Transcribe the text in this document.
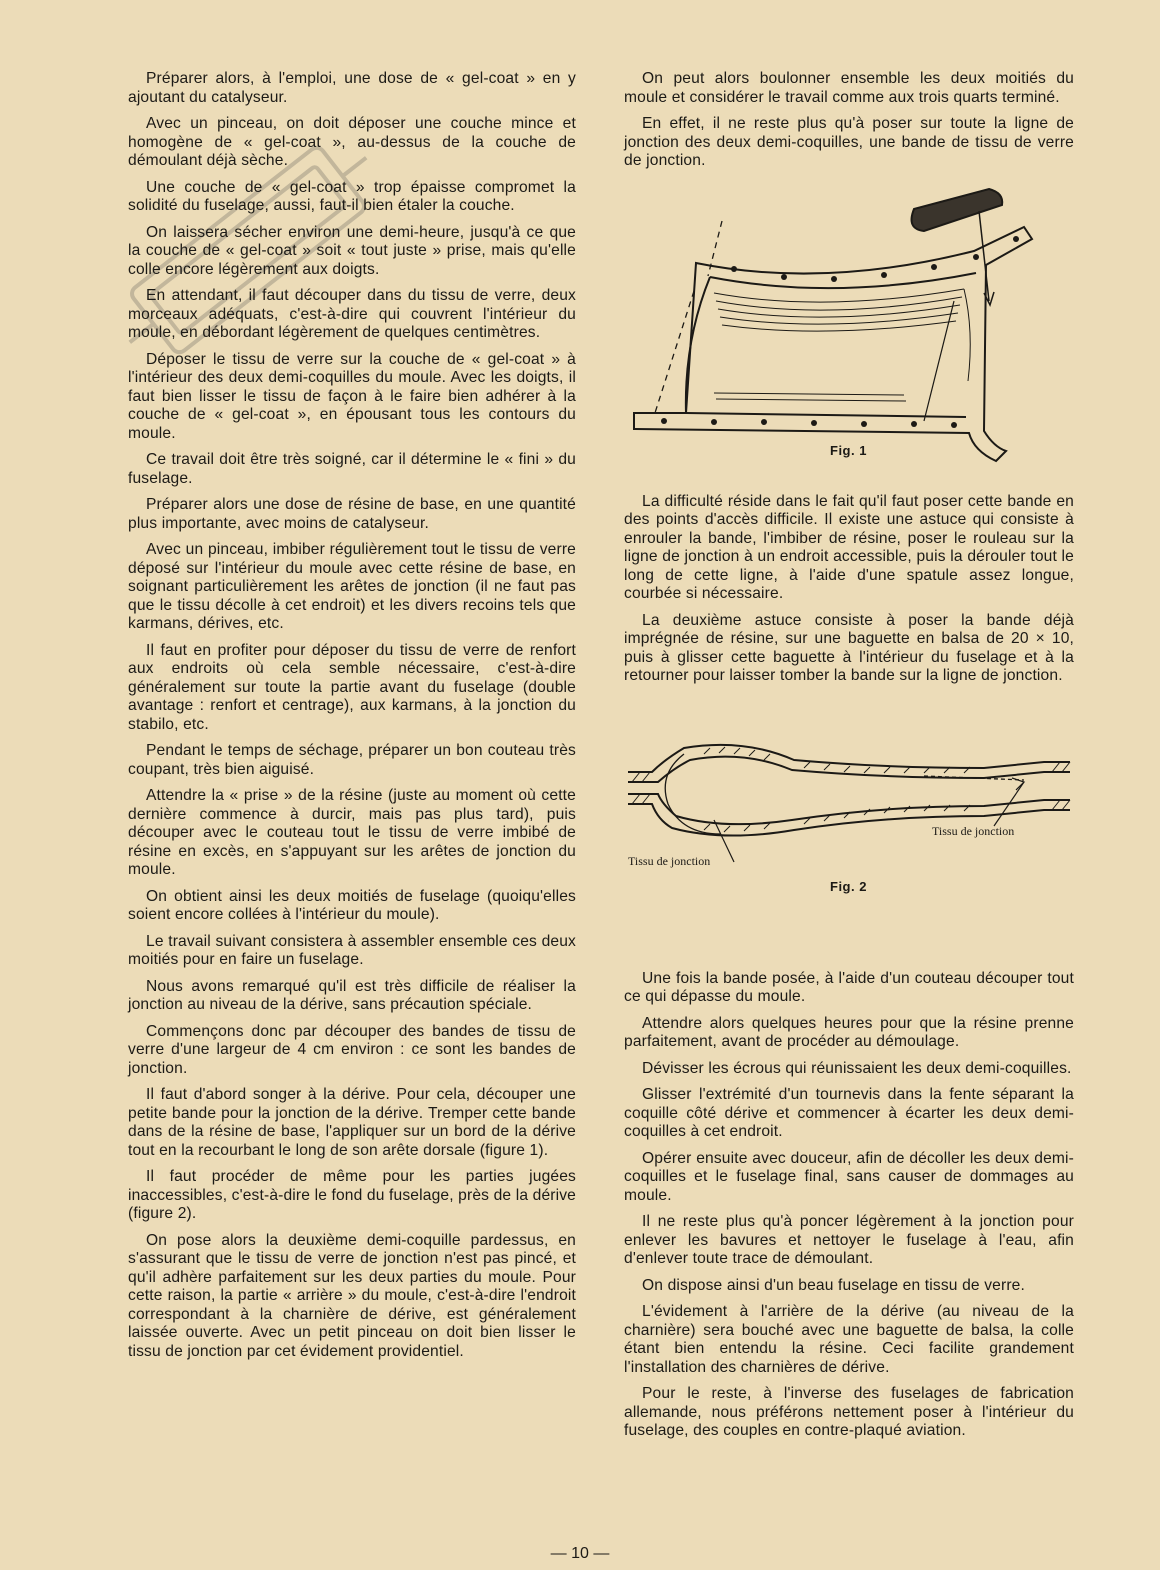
Préparer alors, à l'emploi, une dose de « gel-coat » en y ajoutant du catalyseur.

Avec un pinceau, on doit déposer une couche mince et homogène de « gel-coat », au-dessus de la couche de démoulant déjà sèche.

Une couche de « gel-coat » trop épaisse compromet la solidité du fuselage, aussi, faut-il bien étaler la couche.

On laissera sécher environ une demi-heure, jusqu'à ce que la couche de « gel-coat » soit « tout juste » prise, mais qu'elle colle encore légèrement aux doigts.

En attendant, il faut découper dans du tissu de verre, deux morceaux adéquats, c'est-à-dire qui couvrent l'intérieur du moule, en débordant légèrement de quelques centimètres.

Déposer le tissu de verre sur la couche de « gel-coat » à l'intérieur des deux demi-coquilles du moule. Avec les doigts, il faut bien lisser le tissu de façon à le faire bien adhérer à la couche de « gel-coat », en épousant tous les contours du moule.

Ce travail doit être très soigné, car il détermine le « fini » du fuselage.

Préparer alors une dose de résine de base, en une quantité plus importante, avec moins de catalyseur.

Avec un pinceau, imbiber régulièrement tout le tissu de verre déposé sur l'intérieur du moule avec cette résine de base, en soignant particulièrement les arêtes de jonction (il ne faut pas que le tissu décolle à cet endroit) et les divers recoins tels que karmans, dérives, etc.

Il faut en profiter pour déposer du tissu de verre de renfort aux endroits où cela semble nécessaire, c'est-à-dire généralement sur toute la partie avant du fuselage (double avantage : renfort et centrage), aux karmans, à la jonction du stabilo, etc.

Pendant le temps de séchage, préparer un bon couteau très coupant, très bien aiguisé.

Attendre la « prise » de la résine (juste au moment où cette dernière commence à durcir, mais pas plus tard), puis découper avec le couteau tout le tissu de verre imbibé de résine en excès, en s'appuyant sur les arêtes de jonction du moule.

On obtient ainsi les deux moitiés de fuselage (quoiqu'elles soient encore collées à l'intérieur du moule).

Le travail suivant consistera à assembler ensemble ces deux moitiés pour en faire un fuselage.

Nous avons remarqué qu'il est très difficile de réaliser la jonction au niveau de la dérive, sans précaution spéciale.

Commençons donc par découper des bandes de tissu de verre d'une largeur de 4 cm environ : ce sont les bandes de jonction.

Il faut d'abord songer à la dérive. Pour cela, découper une petite bande pour la jonction de la dérive. Tremper cette bande dans de la résine de base, l'appliquer sur un bord de la dérive tout en la recourbant le long de son arête dorsale (figure 1).

Il faut procéder de même pour les parties jugées inaccessibles, c'est-à-dire le fond du fuselage, près de la dérive (figure 2).

On pose alors la deuxième demi-coquille pardessus, en s'assurant que le tissu de verre de jonction n'est pas pincé, et qu'il adhère parfaitement sur les deux parties du moule. Pour cette raison, la partie « arrière » du moule, c'est-à-dire l'endroit correspondant à la charnière de dérive, est généralement laissée ouverte. Avec un petit pinceau on doit bien lisser le tissu de jonction par cet évidement providentiel.

On peut alors boulonner ensemble les deux moitiés du moule et considérer le travail comme aux trois quarts terminé.

En effet, il ne reste plus qu'à poser sur toute la ligne de jonction des deux demi-coquilles, une bande de tissu de verre de jonction.

Fig. 1

La difficulté réside dans le fait qu'il faut poser cette bande en des points d'accès difficile. Il existe une astuce qui consiste à enrouler la bande, l'imbiber de résine, poser le rouleau sur la ligne de jonction à un endroit accessible, puis la dérouler tout le long de cette ligne, à l'aide d'une spatule assez longue, courbée si nécessaire.

La deuxième astuce consiste à poser la bande déjà imprégnée de résine, sur une baguette en balsa de 20 × 10, puis à glisser cette baguette à l'intérieur du fuselage et à la retourner pour laisser tomber la bande sur la ligne de jonction.

Tissu de jonction
Tissu de jonction
Fig. 2

Une fois la bande posée, à l'aide d'un couteau découper tout ce qui dépasse du moule.

Attendre alors quelques heures pour que la résine prenne parfaitement, avant de procéder au démoulage.

Dévisser les écrous qui réunissaient les deux demi-coquilles.

Glisser l'extrémité d'un tournevis dans la fente séparant la coquille côté dérive et commencer à écarter les deux demi-coquilles à cet endroit.

Opérer ensuite avec douceur, afin de décoller les deux demi-coquilles et le fuselage final, sans causer de dommages au moule.

Il ne reste plus qu'à poncer légèrement à la jonction pour enlever les bavures et nettoyer le fuselage à l'eau, afin d'enlever toute trace de démoulant.

On dispose ainsi d'un beau fuselage en tissu de verre.

L'évidement à l'arrière de la dérive (au niveau de la charnière) sera bouché avec une baguette de balsa, la colle étant bien entendu la résine. Ceci facilite grandement l'installation des charnières de dérive.

Pour le reste, à l'inverse des fuselages de fabrication allemande, nous préférons nettement poser à l'intérieur du fuselage, des couples en contre-plaqué aviation.

— 10 —
